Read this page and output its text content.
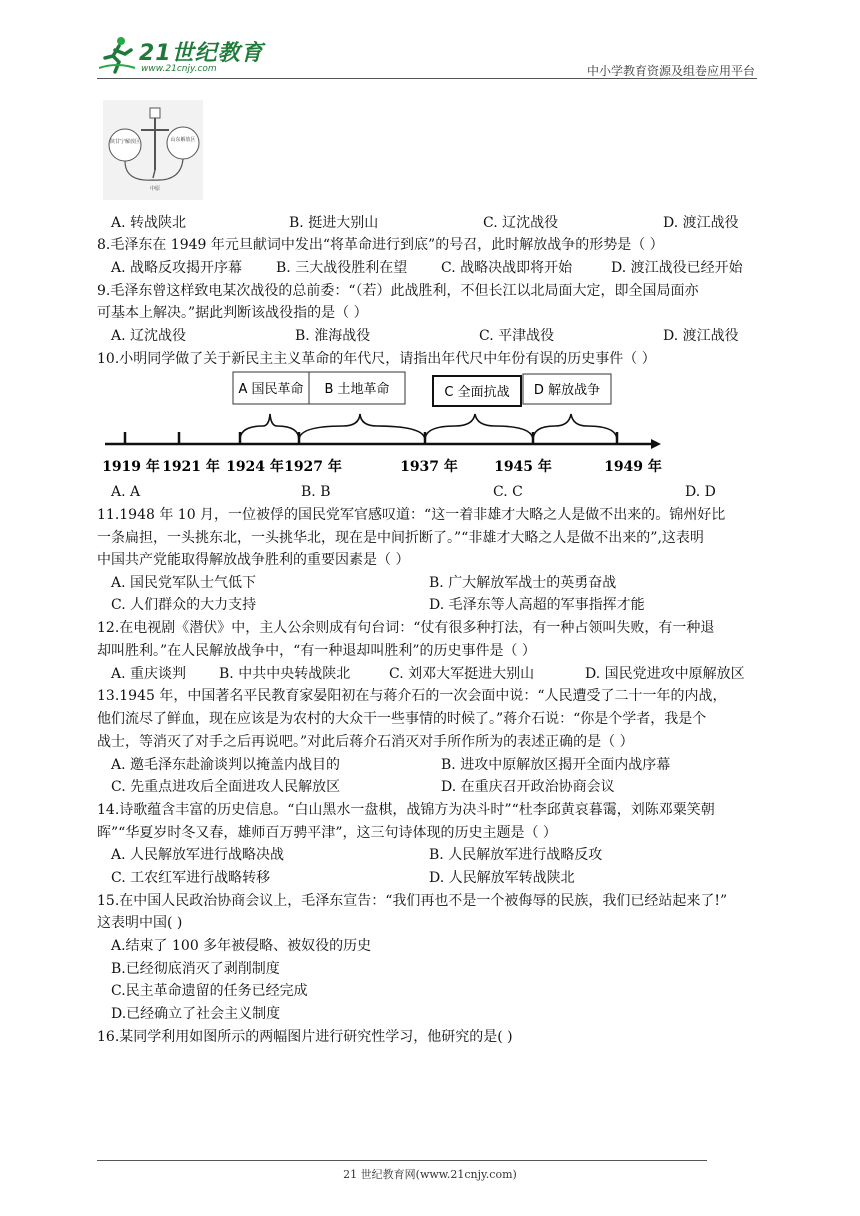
21世纪教育
www.21cnjy.com	中小学教育资源及组卷应用平台

陕甘宁解放区	山东解放区
中原
A. 转战陕北	B. 挺进大别山	C. 辽沈战役	D. 渡江战役
8.毛泽东在 1949 年元旦献词中发出“将革命进行到底”的号召，此时解放战争的形势是（ ）
A. 战略反攻揭开序幕 B. 三大战役胜利在望 C. 战略决战即将开始	D. 渡江战役已经开始
9.毛泽东曾这样致电某次战役的总前委：“（若）此战胜利，不但长江以北局面大定，即全国局面亦
可基本上解决。”据此判断该战役指的是（ ）
A. 辽沈战役	B. 淮海战役	C. 平津战役	D. 渡江战役
10.小明同学做了关于新民主主义革命的年代尺，请指出年代尺中年份有误的历史事件（ ）
A 国民革命 B 土地革命	C 全面抗战 D 解放战争
1919 年 1921 年 1924 年 1927 年	1937 年	1945 年	1949 年
A. A	B. B	C. C	D. D
11.1948 年 10 月，一位被俘的国民党军官感叹道：“这一着非雄才大略之人是做不出来的。锦州好比
一条扁担，一头挑东北，一头挑华北，现在是中间折断了。”“非雄才大略之人是做不出来的”,这表明
中国共产党能取得解放战争胜利的重要因素是（ ）
A. 国民党军队士气低下	B. 广大解放军战士的英勇奋战
C. 人们群众的大力支持	D. 毛泽东等人高超的军事指挥才能
12.在电视剧《潜伏》中，主人公余则成有句台词：“仗有很多种打法，有一种占领叫失败，有一种退
却叫胜利。”在人民解放战争中，“有一种退却叫胜利”的历史事件是（ ）
A. 重庆谈判 B. 中共中央转战陕北	C. 刘邓大军挺进大别山	D. 国民党进攻中原解放区
13.1945 年，中国著名平民教育家晏阳初在与蒋介石的一次会面中说：“人民遭受了二十一年的内战，
他们流尽了鲜血，现在应该是为农村的大众干一些事情的时候了。”蒋介石说：“你是个学者，我是个
战士，等消灭了对手之后再说吧。”对此后蒋介石消灭对手所作所为的表述正确的是（ ）
A. 邀毛泽东赴渝谈判以掩盖内战目的	B. 进攻中原解放区揭开全面内战序幕
C. 先重点进攻后全面进攻人民解放区	D. 在重庆召开政治协商会议
14.诗歌蕴含丰富的历史信息。“白山黑水一盘棋，战锦方为决斗时”“杜李邱黄哀暮霭，刘陈邓粟笑朝
晖”“华夏岁时冬又春，雄师百万骋平津”，这三句诗体现的历史主题是（ ）
A. 人民解放军进行战略决战	B. 人民解放军进行战略反攻
C. 工农红军进行战略转移	D. 人民解放军转战陕北
15.在中国人民政治协商会议上，毛泽东宣告：“我们再也不是一个被侮辱的民族，我们已经站起来了!”
这表明中国( )
A.结束了 100 多年被侵略、被奴役的历史
B.已经彻底消灭了剥削制度
C.民主革命遗留的任务已经完成
D.已经确立了社会主义制度
16.某同学利用如图所示的两幅图片进行研究性学习，他研究的是( )
21 世纪教育网(www.21cnjy.com)
